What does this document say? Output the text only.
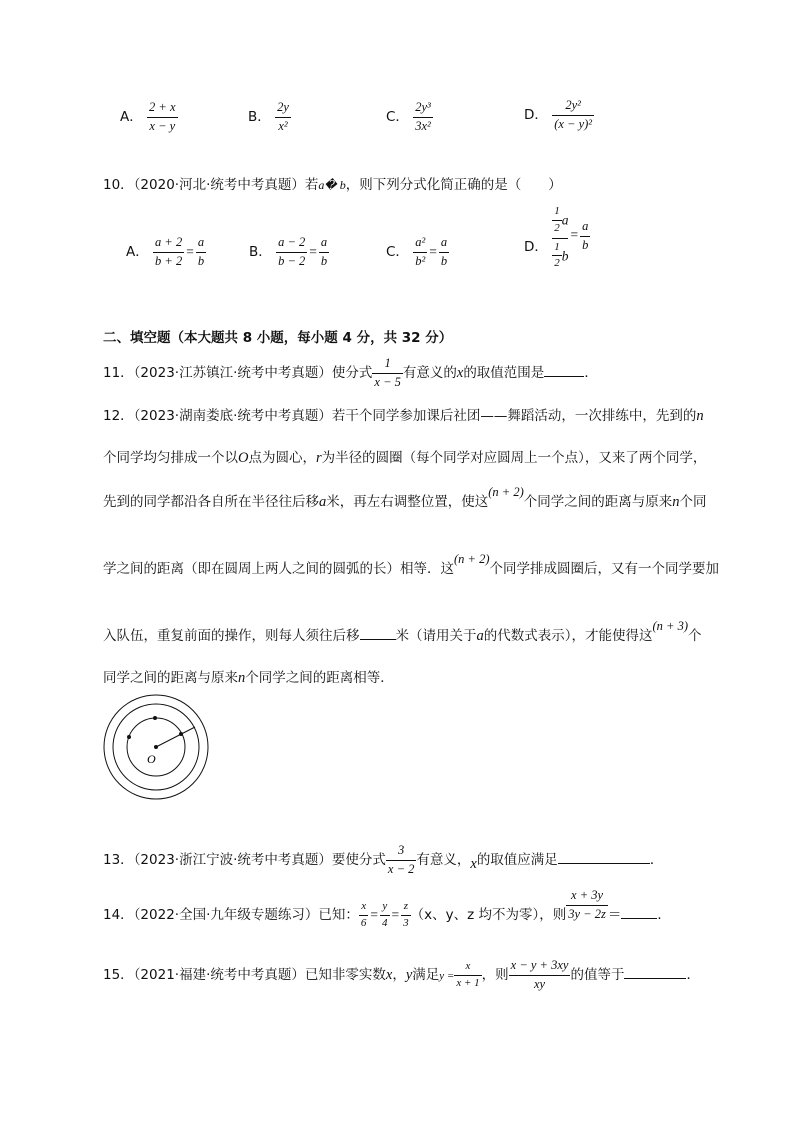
A． $\frac{2 + x}{x - y}$	B． $\frac{2y}{\text{x²}}$	C． $\frac{\text{2y³}}{\text{3x²}}$	D． $\frac{\text{2y²}}{\text{(x − y)²}}$
10．（2020·河北·统考中考真题）若a� b，则下列分式化简正确的是（　　）
A． $\frac{a + 2}{b + 2} = \frac{a}{b}$	B． $\frac{a - 2}{b - 2} = \frac{a}{b}$	C． $\frac{\text{a²}}{\text{b²}} = \frac{a}{b}$	D． $\frac{\frac{1}{2} a}{\frac{1}{2} b} = \frac{a}{b}$
二、填空题（本大题共 8 小题，每小题 4 分，共 32 分）
11．（2023·江苏镇江·统考中考真题）使分式 $\frac{1}{x - 5}$ 有意义的x的取值范围是	．
12．（2023·湖南娄底·统考中考真题）若干个同学参加课后社团——舞蹈活动，一次排练中，先到的n
个同学均匀排成一个以O点为圆心，r为半径的圆圈（每个同学对应圆周上一个点），又来了两个同学，
先到的同学都沿各自所在半径往后移a米，再左右调整位置，使这(n + 2)个同学之间的距离与原来n个同
学之间的距离（即在圆周上两人之间的圆弧的长）相等．这(n + 2)个同学排成圆圈后，又有一个同学要加
入队伍，重复前面的操作，则每人须往后移	米（请用关于a的代数式表示），才能使得这(n + 3)个
同学之间的距离与原来n个同学之间的距离相等．
O
13．（2023·浙江宁波·统考中考真题）要使分式 $\frac{3}{x - 2}$ 有意义，x的取值应满足	．
14．（2022·全国·九年级专题练习）已知： $\frac{x}{6} = \frac{y}{4} = \frac{z}{3} (x$、y、z 均不为零），则 $\frac{x + 3y}{3y - 2z}$ ＝	．
15．（2021·福建·统考中考真题）已知非零实数x，y满足$y = \frac{x}{x + 1}$ ，则 $\frac{x - y + 3xy}{xy}$ 的值等于	．
